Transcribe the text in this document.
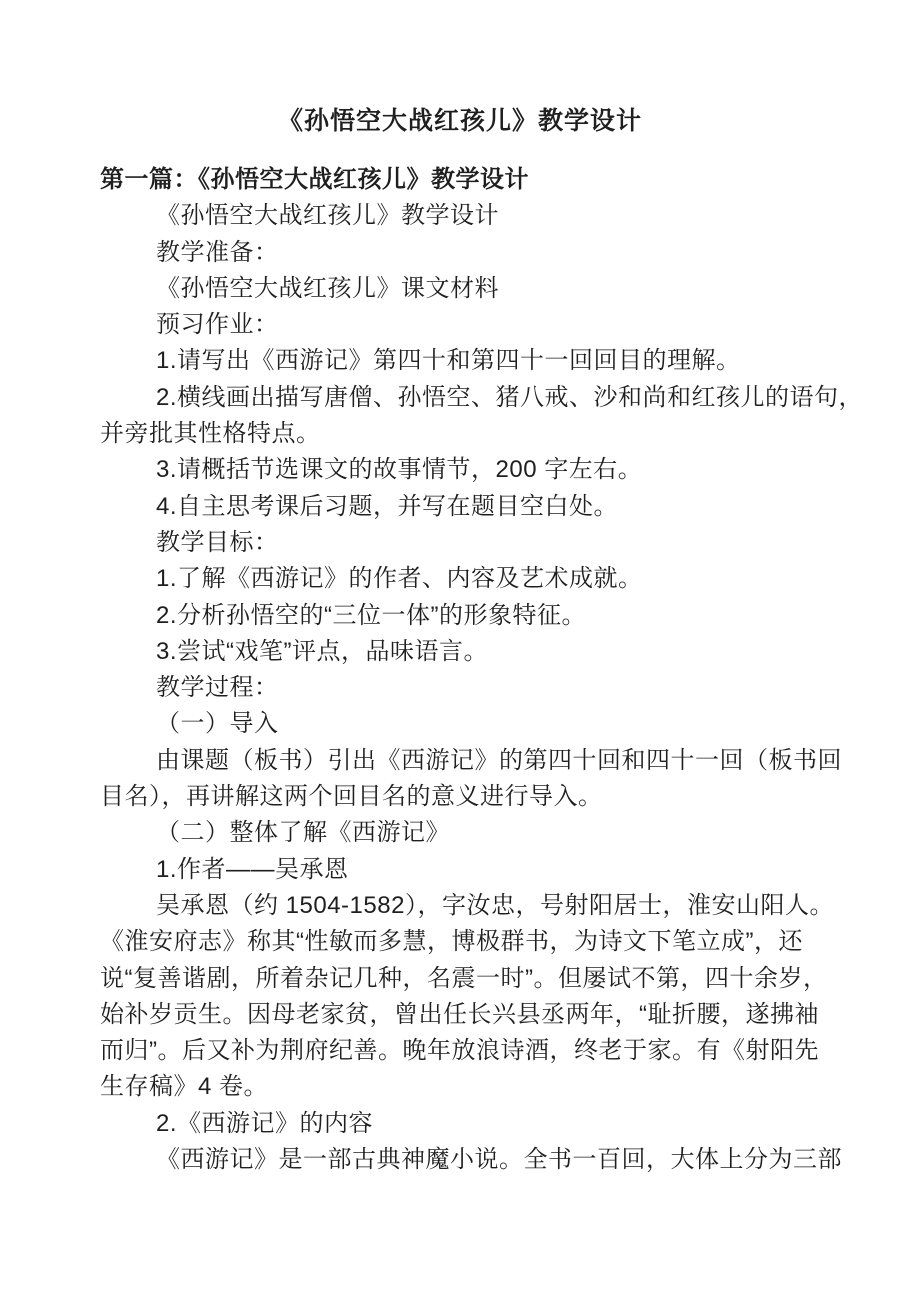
《孙悟空大战红孩儿》教学设计
第一篇：《孙悟空大战红孩儿》教学设计
《孙悟空大战红孩儿》教学设计
教学准备：
《孙悟空大战红孩儿》课文材料
预习作业：
1.请写出《西游记》第四十和第四十一回回目的理解。
2.横线画出描写唐僧、孙悟空、猪八戒、沙和尚和红孩儿的语句，
并旁批其性格特点。
3.请概括节选课文的故事情节，200 字左右。
4.自主思考课后习题，并写在题目空白处。
教学目标：
1.了解《西游记》的作者、内容及艺术成就。
2.分析孙悟空的“三位一体”的形象特征。
3.尝试“戏笔”评点，品味语言。
教学过程：
（一）导入
由课题（板书）引出《西游记》的第四十回和四十一回（板书回
目名），再讲解这两个回目名的意义进行导入。
（二）整体了解《西游记》
1.作者——吴承恩
吴承恩（约 1504-1582），字汝忠，号射阳居士，淮安山阳人。
《淮安府志》称其“性敏而多慧，博极群书，为诗文下笔立成”，还
说“复善谐剧，所着杂记几种，名震一时”。但屡试不第，四十余岁，
始补岁贡生。因母老家贫，曾出任长兴县丞两年，“耻折腰，遂拂袖
而归”。后又补为荆府纪善。晚年放浪诗酒，终老于家。有《射阳先
生存稿》4 卷。
2.《西游记》的内容
《西游记》是一部古典神魔小说。全书一百回，大体上分为三部
